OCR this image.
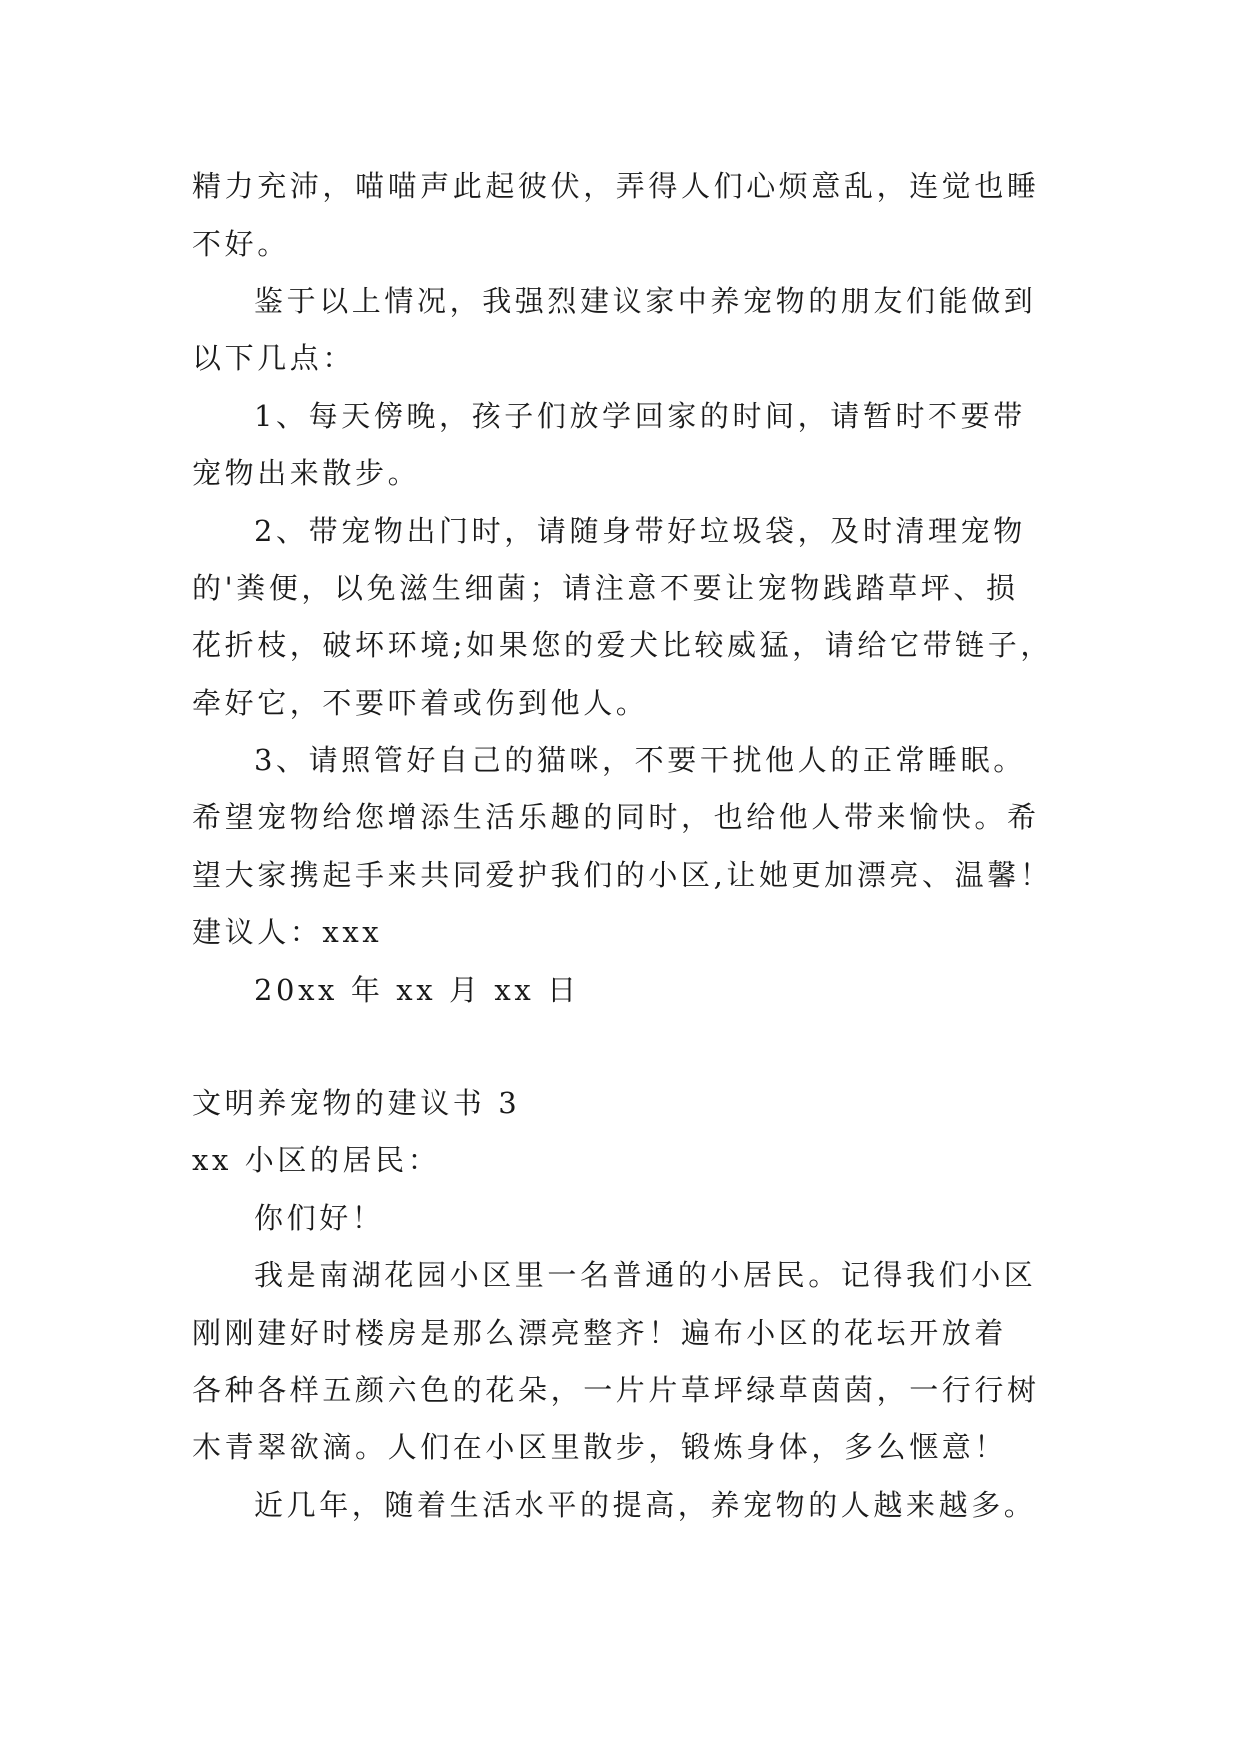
精力充沛，喵喵声此起彼伏，弄得人们心烦意乱，连觉也睡
不好。
鉴于以上情况，我强烈建议家中养宠物的朋友们能做到
以下几点：
1、每天傍晚，孩子们放学回家的时间，请暂时不要带
宠物出来散步。
2、带宠物出门时，请随身带好垃圾袋，及时清理宠物
的'粪便，以免滋生细菌；请注意不要让宠物践踏草坪、损
花折枝，破坏环境;如果您的爱犬比较威猛，请给它带链子，
牵好它，不要吓着或伤到他人。
3、请照管好自己的猫咪，不要干扰他人的正常睡眠。
希望宠物给您增添生活乐趣的同时，也给他人带来愉快。希
望大家携起手来共同爱护我们的小区,让她更加漂亮、温馨！
建议人：xxx
20xx 年 xx 月 xx 日
文明养宠物的建议书 3
xx 小区的居民：
你们好！
我是南湖花园小区里一名普通的小居民。记得我们小区
刚刚建好时楼房是那么漂亮整齐！遍布小区的花坛开放着
各种各样五颜六色的花朵，一片片草坪绿草茵茵，一行行树
木青翠欲滴。人们在小区里散步，锻炼身体，多么惬意！
近几年，随着生活水平的提高，养宠物的人越来越多。
